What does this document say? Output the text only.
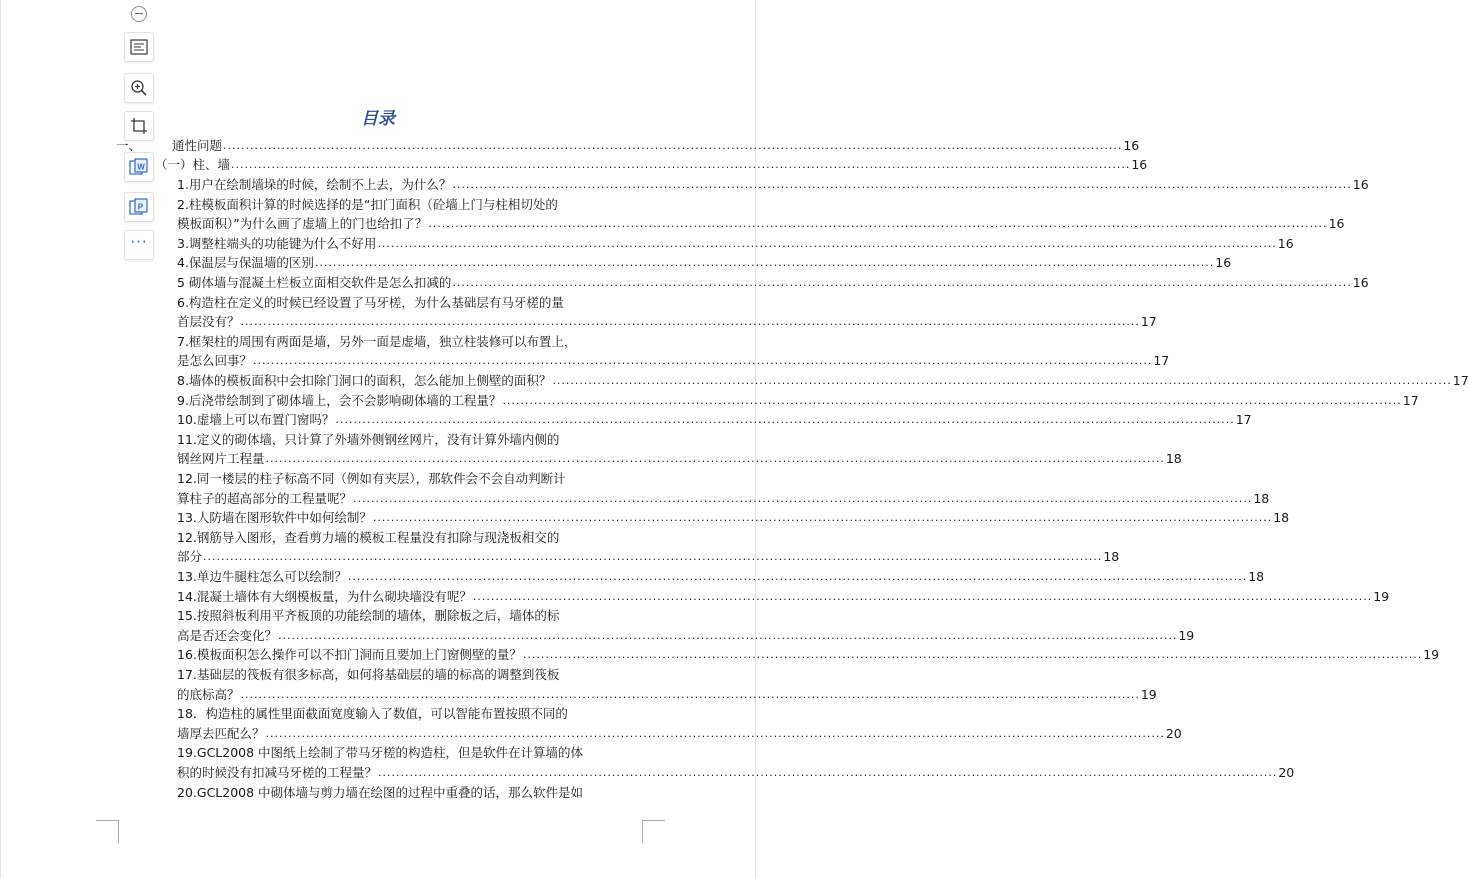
W
P
···
目录
一、	通性问题 ........................................................................................................................................................................................................ 16
（一） 柱、墙 ........................................................................................................................................................................................................ 16
1.用户在绘制墙垛的时候，绘制不上去，为什么？ ........................................................................................................................................................................................................ 16
2.柱模板面积计算的时候选择的是“扣门面积（砼墙上门与柱相切处的
模板面积）”为什么画了虚墙上的门也给扣了？ ........................................................................................................................................................................................................ 16
3.调整柱端头的功能键为什么不好用 ........................................................................................................................................................................................................ 16
4.保温层与保温墙的区别 ........................................................................................................................................................................................................ 16
5 砌体墙与混凝土栏板立面相交软件是怎么扣减的 ........................................................................................................................................................................................................ 16
6.构造柱在定义的时候已经设置了马牙槎，为什么基础层有马牙槎的量
首层没有？ ........................................................................................................................................................................................................ 17
7.框架柱的周围有两面是墙，另外一面是虚墙，独立柱装修可以布置上，
是怎么回事？ ........................................................................................................................................................................................................ 17
8.墙体的模板面积中会扣除门洞口的面积，怎么能加上侧壁的面积？ ........................................................................................................................................................................................................ 17
9.后浇带绘制到了砌体墙上，会不会影响砌体墙的工程量？ ........................................................................................................................................................................................................ 17
10.虚墙上可以布置门窗吗？ ........................................................................................................................................................................................................ 17
11.定义的砌体墙，只计算了外墙外侧钢丝网片，没有计算外墙内侧的
钢丝网片工程量 ........................................................................................................................................................................................................ 18
12.同一楼层的柱子标高不同（例如有夹层），那软件会不会自动判断计
算柱子的超高部分的工程量呢？ ........................................................................................................................................................................................................ 18
13.人防墙在图形软件中如何绘制？ ........................................................................................................................................................................................................ 18
12.钢筋导入图形，查看剪力墙的模板工程量没有扣除与现浇板相交的
部分 ........................................................................................................................................................................................................ 18
13.单边牛腿柱怎么可以绘制？ ........................................................................................................................................................................................................ 18
14.混凝土墙体有大纲模板量，为什么砌块墙没有呢？ ........................................................................................................................................................................................................ 19
15.按照斜板利用平齐板顶的功能绘制的墙体，删除板之后，墙体的标
高是否还会变化？ ........................................................................................................................................................................................................ 19
16.模板面积怎么操作可以不扣门洞而且要加上门窗侧壁的量？ ........................................................................................................................................................................................................ 19
17.基础层的筏板有很多标高，如何将基础层的墙的标高的调整到筏板
的底标高？ ........................................................................................................................................................................................................ 19
18．构造柱的属性里面截面宽度输入了数值，可以智能布置按照不同的
墙厚去匹配么？ ........................................................................................................................................................................................................ 20
19.GCL2008 中图纸上绘制了带马牙槎的构造柱，但是软件在计算墙的体
积的时候没有扣减马牙槎的工程量？ ........................................................................................................................................................................................................ 20
20.GCL2008 中砌体墙与剪力墙在绘图的过程中重叠的话，那么软件是如
